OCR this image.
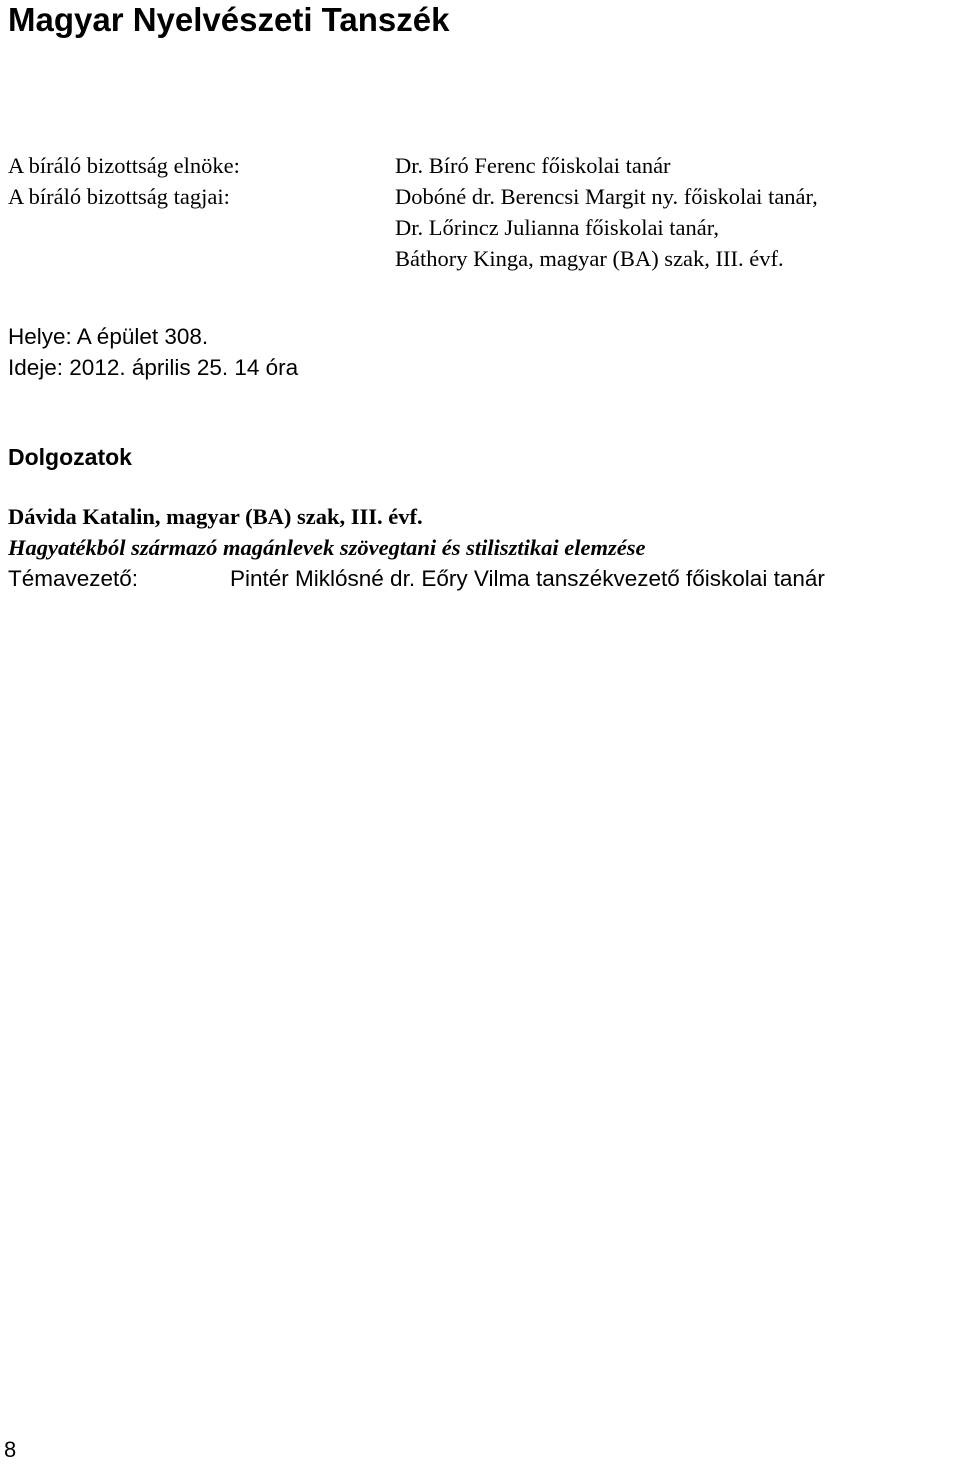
Magyar Nyelvészeti Tanszék
A bíráló bizottság elnöke:	Dr. Bíró Ferenc főiskolai tanár
A bíráló bizottság tagjai:	Dobóné dr. Berencsi Margit ny. főiskolai tanár,
Dr. Lőrincz Julianna főiskolai tanár,
Báthory Kinga, magyar (BA) szak, III. évf.
Helye: A épület 308.
Ideje: 2012. április 25. 14 óra
Dolgozatok
Dávida Katalin, magyar (BA) szak, III. évf.
Hagyatékból származó magánlevek szövegtani és stilisztikai elemzése
Témavezető:	Pintér Miklósné dr. Eőry Vilma tanszékvezető főiskolai tanár
8
